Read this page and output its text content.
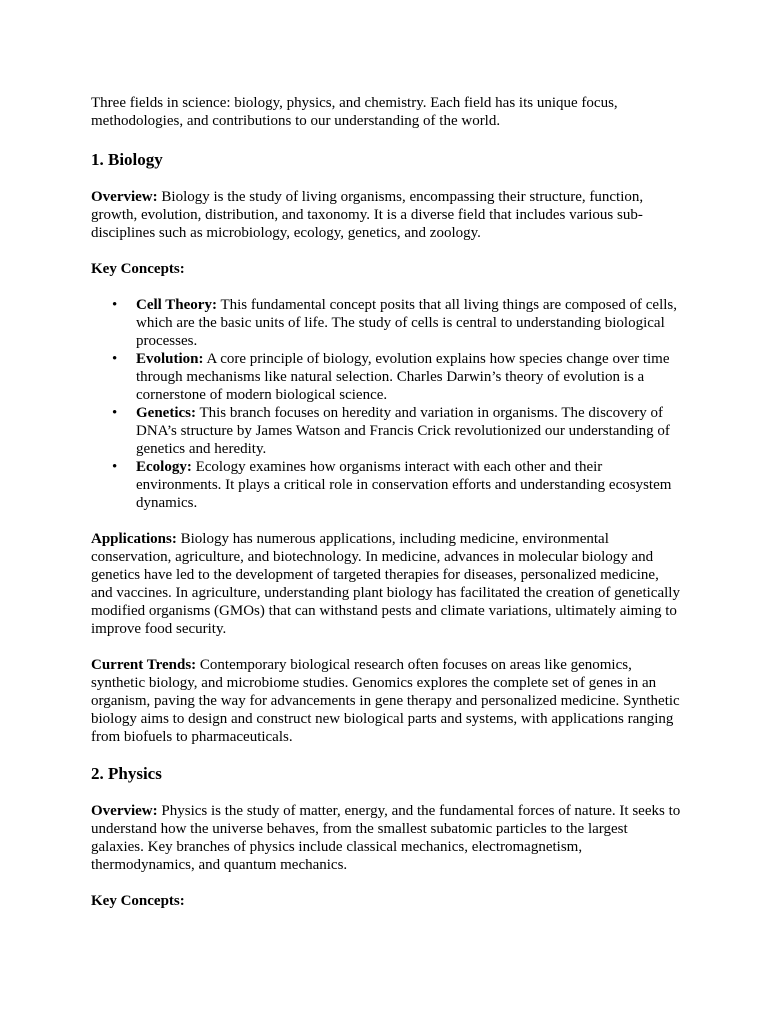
Three fields in science: biology, physics, and chemistry. Each field has its unique focus, methodologies, and contributions to our understanding of the world.

1. Biology

Overview: Biology is the study of living organisms, encompassing their structure, function, growth, evolution, distribution, and taxonomy. It is a diverse field that includes various sub-disciplines such as microbiology, ecology, genetics, and zoology.

Key Concepts:

• Cell Theory: This fundamental concept posits that all living things are composed of cells, which are the basic units of life. The study of cells is central to understanding biological processes.
• Evolution: A core principle of biology, evolution explains how species change over time through mechanisms like natural selection. Charles Darwin’s theory of evolution is a cornerstone of modern biological science.
• Genetics: This branch focuses on heredity and variation in organisms. The discovery of DNA’s structure by James Watson and Francis Crick revolutionized our understanding of genetics and heredity.
• Ecology: Ecology examines how organisms interact with each other and their environments. It plays a critical role in conservation efforts and understanding ecosystem dynamics.

Applications: Biology has numerous applications, including medicine, environmental conservation, agriculture, and biotechnology. In medicine, advances in molecular biology and genetics have led to the development of targeted therapies for diseases, personalized medicine, and vaccines. In agriculture, understanding plant biology has facilitated the creation of genetically modified organisms (GMOs) that can withstand pests and climate variations, ultimately aiming to improve food security.

Current Trends: Contemporary biological research often focuses on areas like genomics, synthetic biology, and microbiome studies. Genomics explores the complete set of genes in an organism, paving the way for advancements in gene therapy and personalized medicine. Synthetic biology aims to design and construct new biological parts and systems, with applications ranging from biofuels to pharmaceuticals.

2. Physics

Overview: Physics is the study of matter, energy, and the fundamental forces of nature. It seeks to understand how the universe behaves, from the smallest subatomic particles to the largest galaxies. Key branches of physics include classical mechanics, electromagnetism, thermodynamics, and quantum mechanics.

Key Concepts:
